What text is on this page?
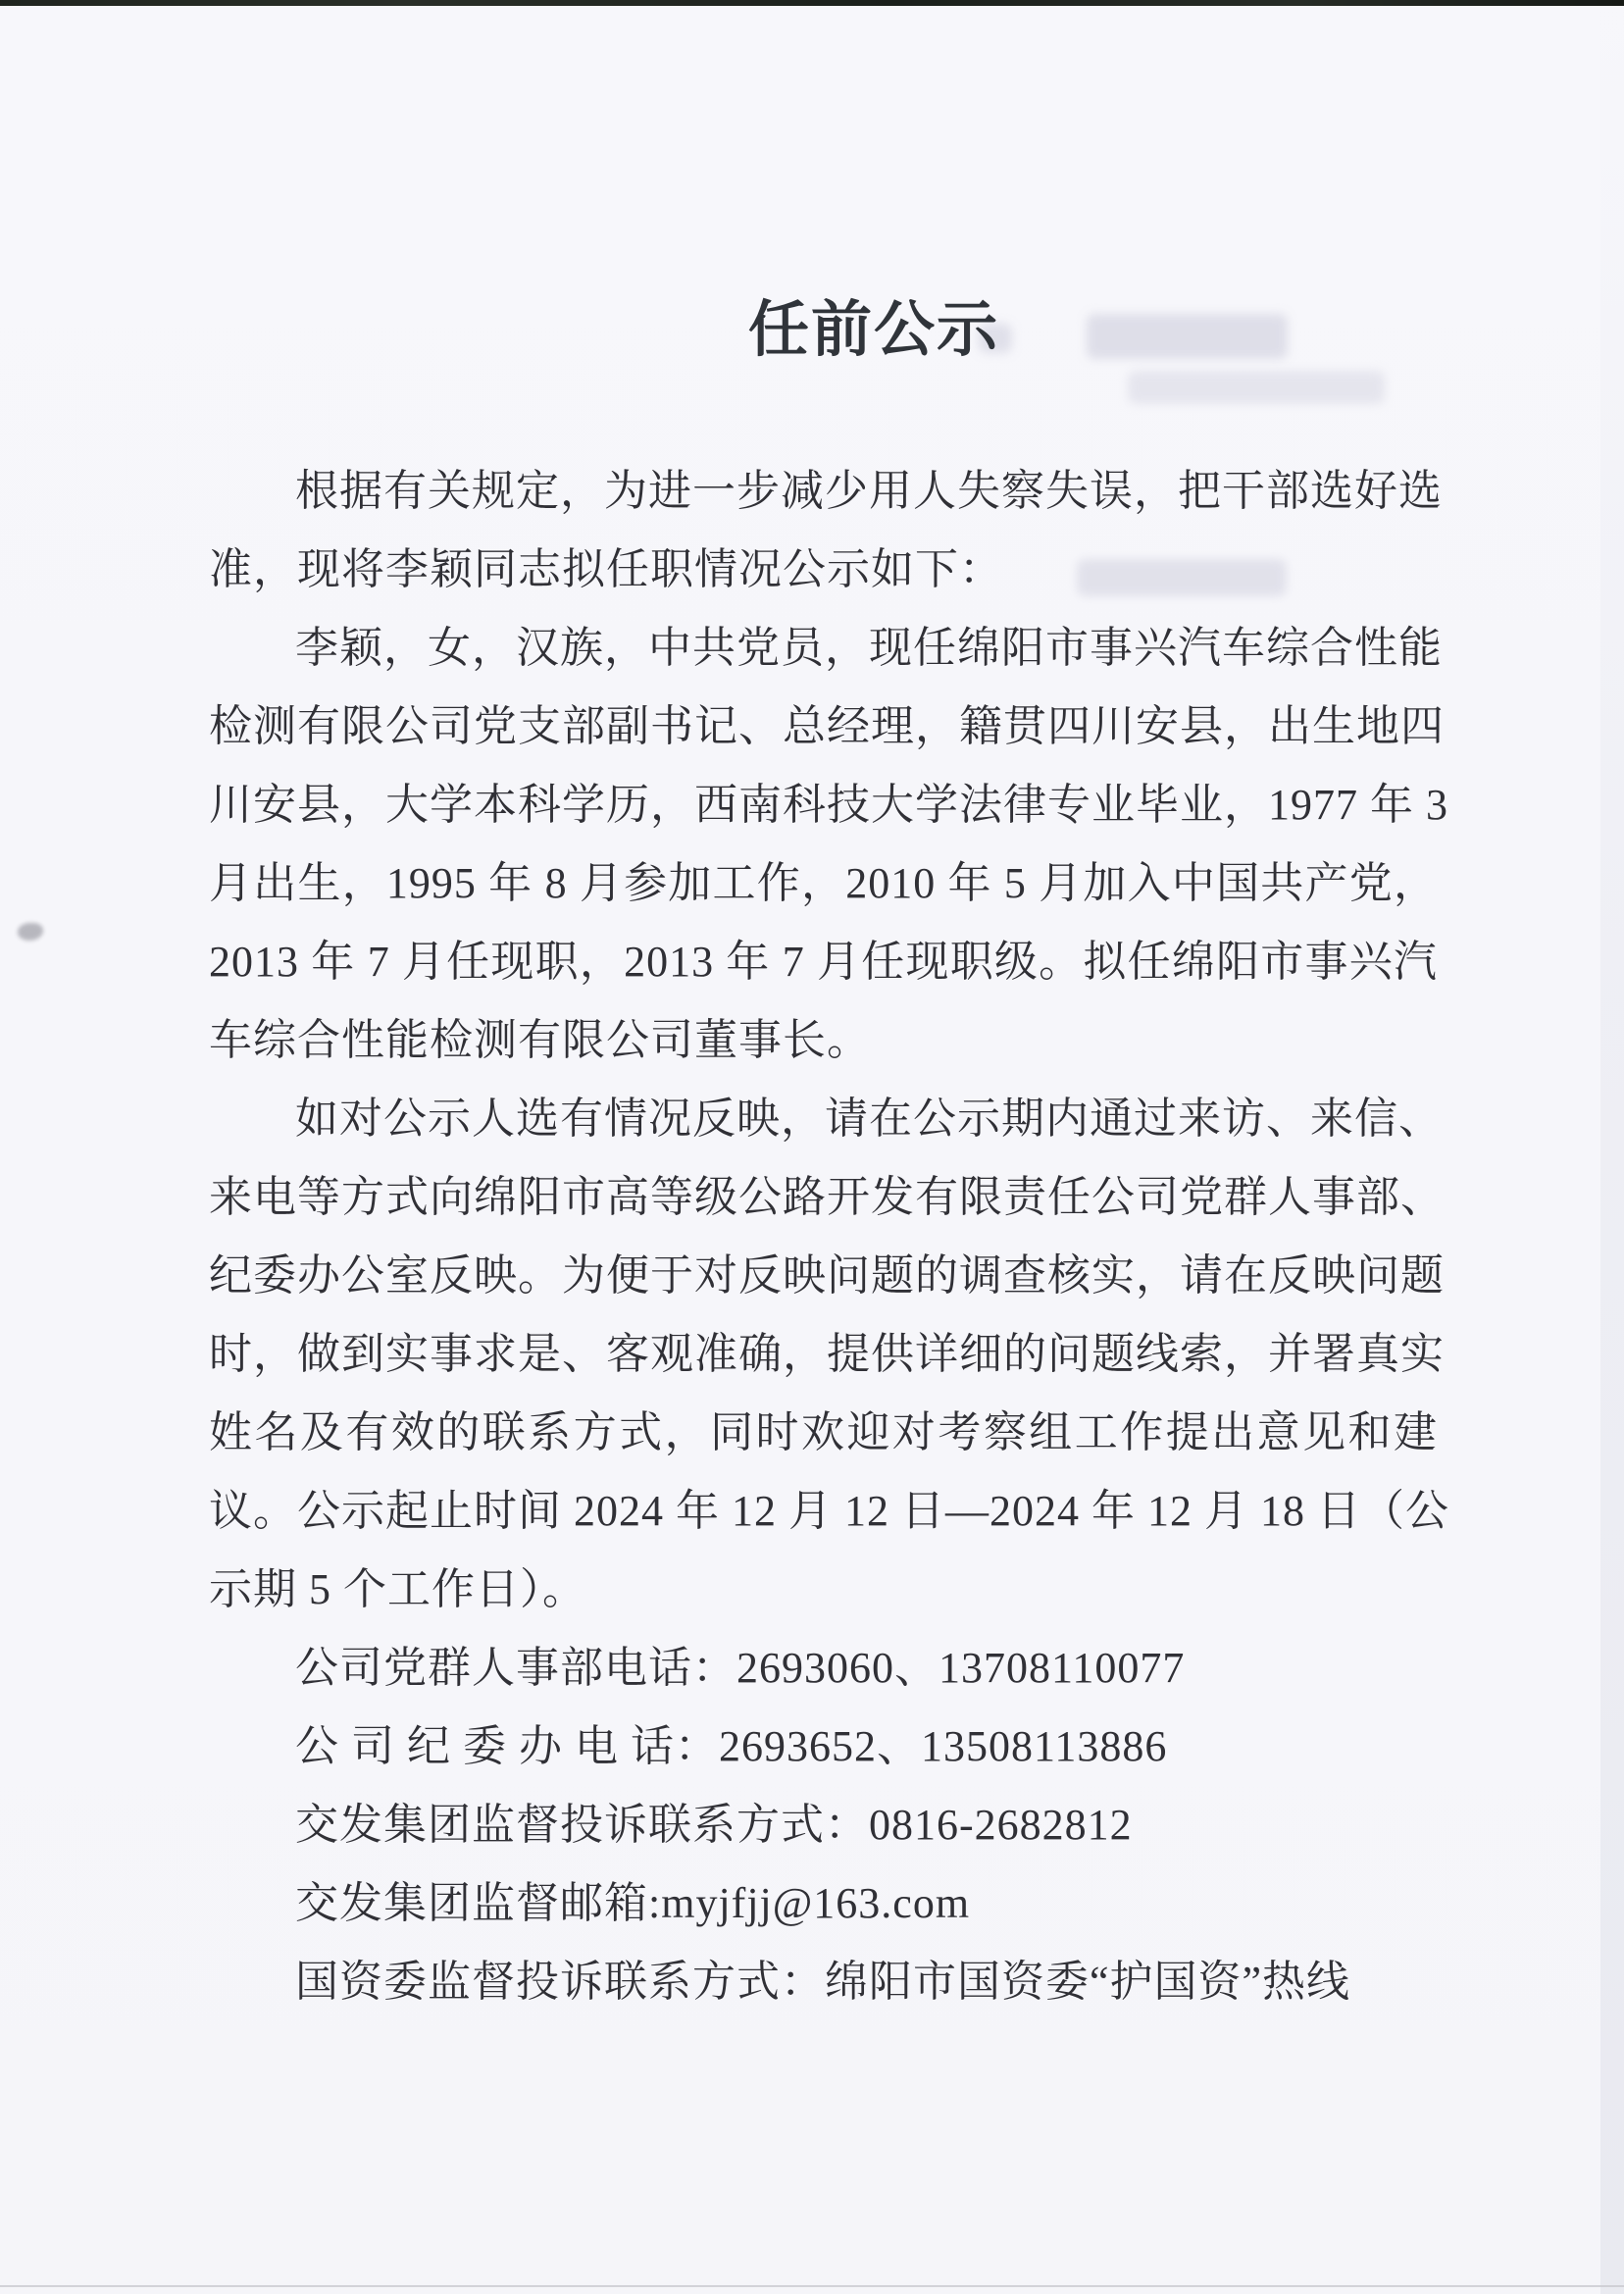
任前公示
根据有关规定，为进一步减少用人失察失误，把干部选好选
准，现将李颖同志拟任职情况公示如下：
李颖，女，汉族，中共党员，现任绵阳市事兴汽车综合性能
检测有限公司党支部副书记、总经理，籍贯四川安县，出生地四
川安县，大学本科学历，西南科技大学法律专业毕业，1977 年 3
月出生，1995 年 8 月参加工作，2010 年 5 月加入中国共产党，
2013 年 7 月任现职，2013 年 7 月任现职级。拟任绵阳市事兴汽
车综合性能检测有限公司董事长。
如对公示人选有情况反映，请在公示期内通过来访、来信、
来电等方式向绵阳市高等级公路开发有限责任公司党群人事部、
纪委办公室反映。为便于对反映问题的调查核实，请在反映问题
时，做到实事求是、客观准确，提供详细的问题线索，并署真实
姓名及有效的联系方式，同时欢迎对考察组工作提出意见和建
议。公示起止时间 2024 年 12 月 12 日—2024 年 12 月 18 日（公
示期 5 个工作日）。
公司党群人事部电话：2693060、13708110077
公 司 纪 委 办 电 话：2693652、13508113886
交发集团监督投诉联系方式：0816-2682812
交发集团监督邮箱:myjfjj@163.com
国资委监督投诉联系方式：绵阳市国资委“护国资”热线
